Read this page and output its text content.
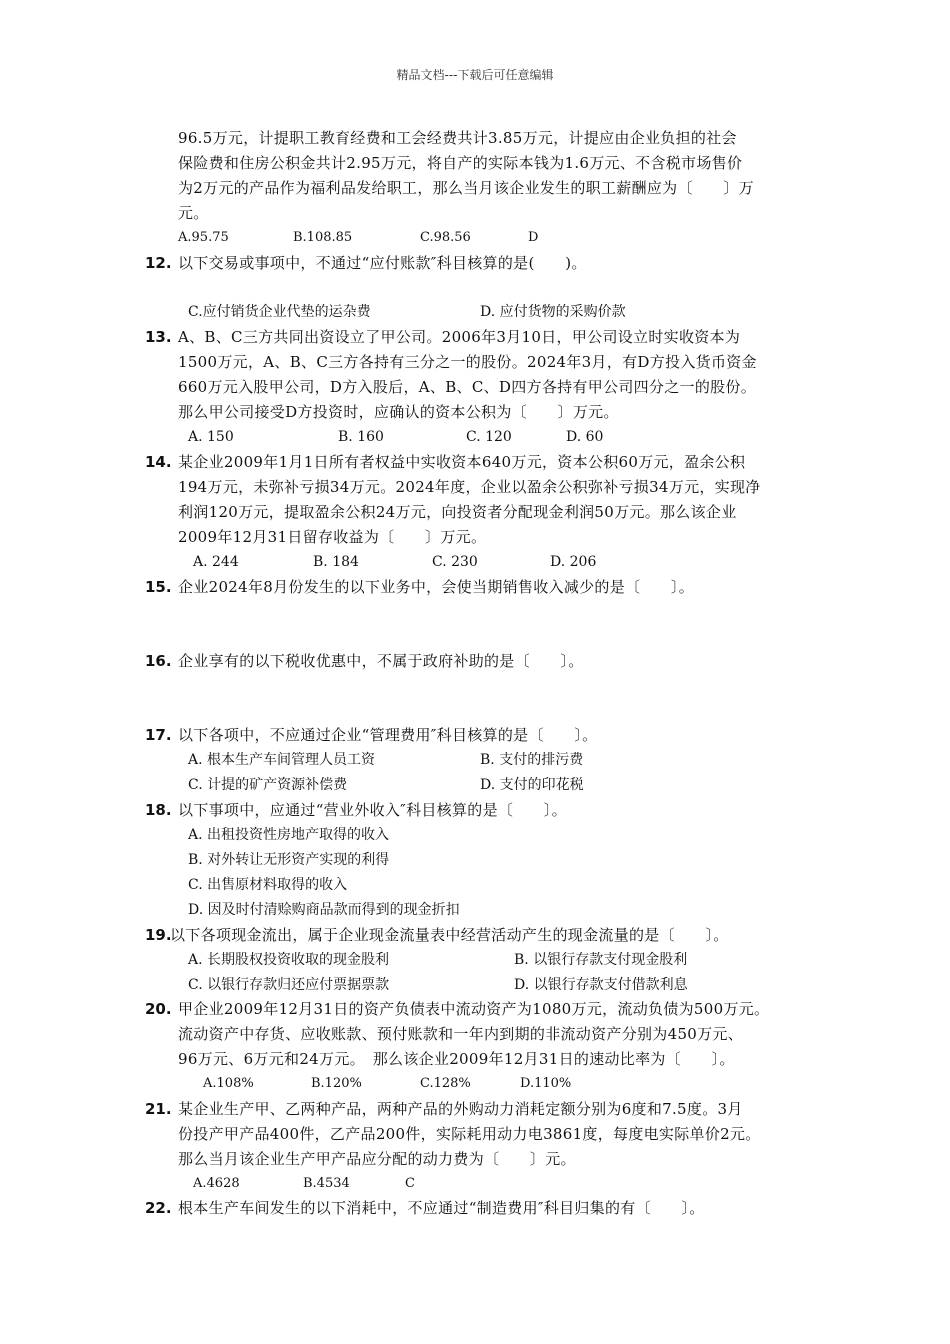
精品文档---下载后可任意编辑
96.5万元，计提职工教育经费和工会经费共计3.85万元，计提应由企业负担的社会
保险费和住房公积金共计2.95万元，将自产的实际本钱为1.6万元、不含税市场售价
为2万元的产品作为福利品发给职工，那么当月该企业发生的职工薪酬应为〔　　〕万
元。
A.95.75	B.108.85	C.98.56	D
12. 以下交易或事项中，不通过“应付账款″科目核算的是(　　)。
C.应付销货企业代垫的运杂费	D. 应付货物的采购价款
13. A、B、C三方共同出资设立了甲公司。2006年3月10日，甲公司设立时实收资本为
1500万元，A、B、C三方各持有三分之一的股份。2024年3月，有D方投入货币资金
660万元入股甲公司，D方入股后，A、B、C、D四方各持有甲公司四分之一的股份。
那么甲公司接受D方投资时，应确认的资本公积为〔　　〕万元。
A. 150	B. 160	C. 120	D. 60
14. 某企业2009年1月1日所有者权益中实收资本640万元，资本公积60万元，盈余公积
194万元，未弥补亏损34万元。2024年度，企业以盈余公积弥补亏损34万元，实现净
利润120万元，提取盈余公积24万元，向投资者分配现金利润50万元。那么该企业
2009年12月31日留存收益为〔　　〕万元。
A. 244	B. 184	C. 230	D. 206
15. 企业2024年8月份发生的以下业务中，会使当期销售收入减少的是〔　　〕。
16. 企业享有的以下税收优惠中，不属于政府补助的是〔　　〕。
17. 以下各项中，不应通过企业“管理费用″科目核算的是〔　　〕。
A. 根本生产车间管理人员工资	B. 支付的排污费
C. 计提的矿产资源补偿费	D. 支付的印花税
18. 以下事项中，应通过“营业外收入″科目核算的是〔　　〕。
A. 出租投资性房地产取得的收入
B. 对外转让无形资产实现的利得
C. 出售原材料取得的收入
D. 因及时付清赊购商品款而得到的现金折扣
19.
以下各项现金流出，属于企业现金流量表中经营活动产生的现金流量的是〔　　〕。
A. 长期股权投资收取的现金股利	B. 以银行存款支付现金股利
C. 以银行存款归还应付票据票款	D. 以银行存款支付借款利息
20. 甲企业2009年12月31日的资产负债表中流动资产为1080万元，流动负债为500万元。
流动资产中存货、应收账款、预付账款和一年内到期的非流动资产分别为450万元、
96万元、6万元和24万元。　那么该企业2009年12月31日的速动比率为〔　　〕。
A.108%	B.120%	C.128%	D.110%
21. 某企业生产甲、乙两种产品，两种产品的外购动力消耗定额分别为6度和7.5度。3月
份投产甲产品400件，乙产品200件，实际耗用动力电3861度，每度电实际单价2元。
那么当月该企业生产甲产品应分配的动力费为〔　　〕元。
A.4628	B.4534	C
22. 根本生产车间发生的以下消耗中，不应通过“制造费用″科目归集的有〔　　〕。
